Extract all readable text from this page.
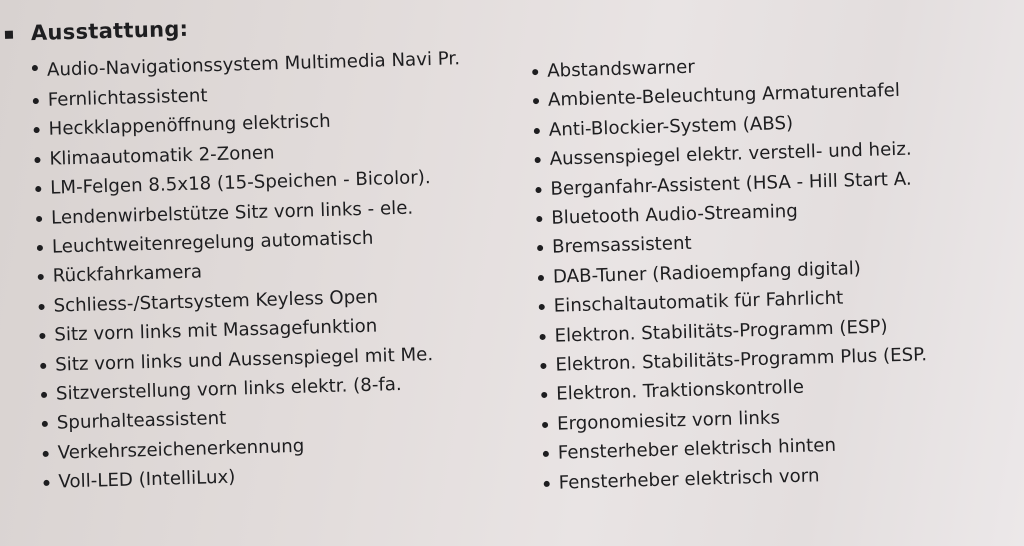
Ausstattung:
Audio-Navigationssystem Multimedia Navi Pr.
Fernlichtassistent
Heckklappenöffnung elektrisch
Klimaautomatik 2-Zonen
LM-Felgen 8.5x18 (15-Speichen - Bicolor).
Lendenwirbelstütze Sitz vorn links - ele.
Leuchtweitenregelung automatisch
Rückfahrkamera
Schliess-/Startsystem Keyless Open
Sitz vorn links mit Massagefunktion
Sitz vorn links und Aussenspiegel mit Me.
Sitzverstellung vorn links elektr. (8-fa.
Spurhalteassistent
Verkehrszeichenerkennung
Voll-LED (IntelliLux)
Abstandswarner
Ambiente-Beleuchtung Armaturentafel
Anti-Blockier-System (ABS)
Aussenspiegel elektr. verstell- und heiz.
Berganfahr-Assistent (HSA - Hill Start A.
Bluetooth Audio-Streaming
Bremsassistent
DAB-Tuner (Radioempfang digital)
Einschaltautomatik für Fahrlicht
Elektron. Stabilitäts-Programm (ESP)
Elektron. Stabilitäts-Programm Plus (ESP.
Elektron. Traktionskontrolle
Ergonomiesitz vorn links
Fensterheber elektrisch hinten
Fensterheber elektrisch vorn
